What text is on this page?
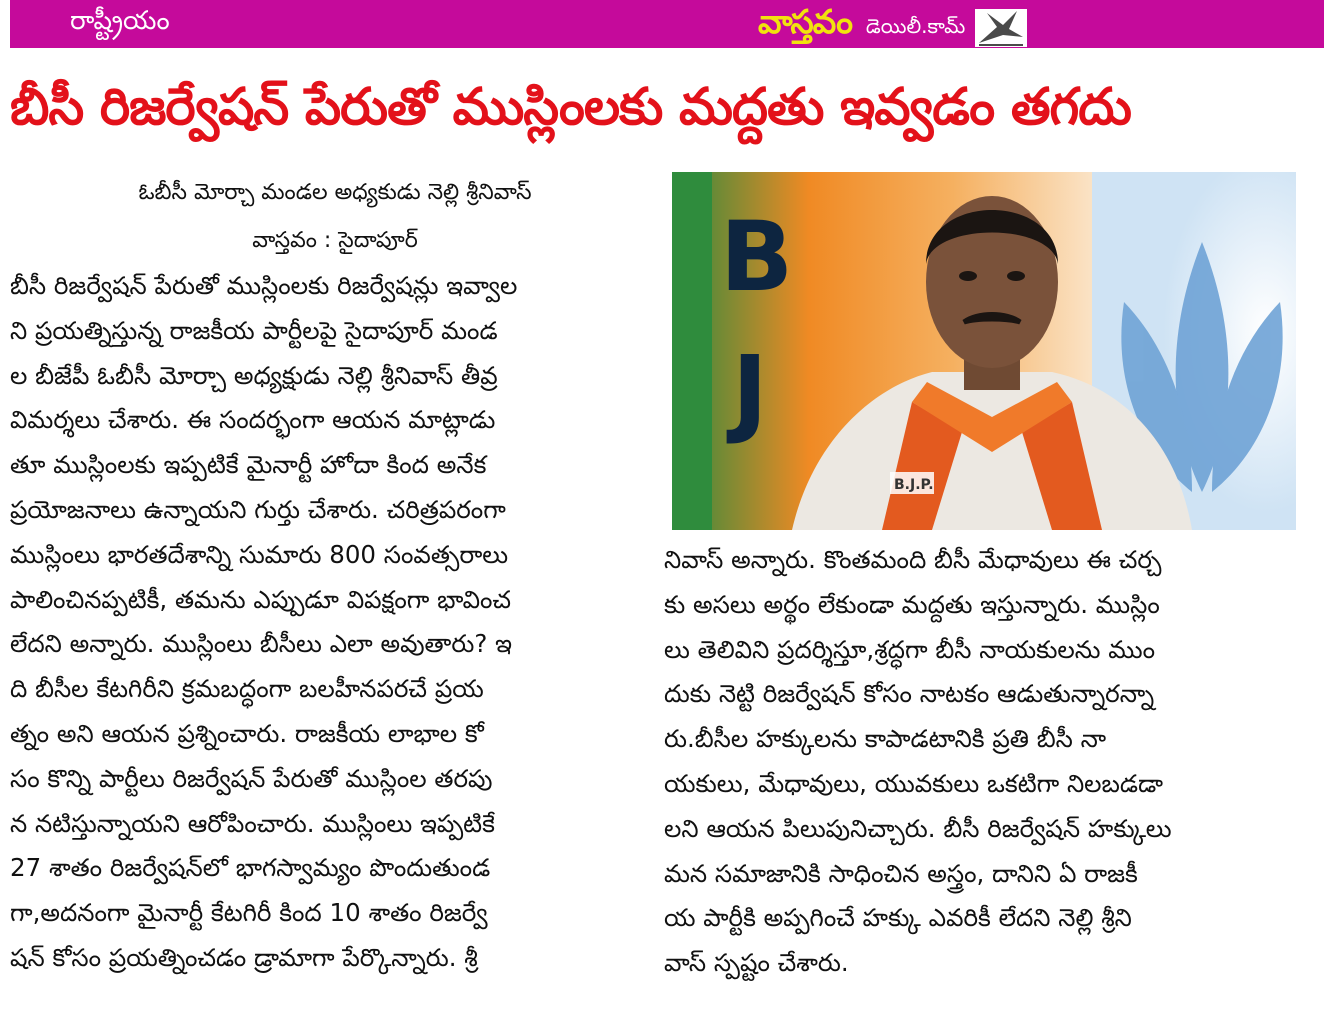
రాష్ట్రీయం	వాస్తవం డెయిలీ.కామ్
బీసీ రిజర్వేషన్ పేరుతో ముస్లింలకు మద్దతు ఇవ్వడం తగదు
ఓబీసీ మోర్చా మండల అధ్యకుడు నెల్లి శ్రీనివాస్
వాస్తవం : సైదాపూర్
బీసీ రిజర్వేషన్ పేరుతో ముస్లింలకు రిజర్వేషన్లు ఇవ్వాల
ని ప్రయత్నిస్తున్న రాజకీయ పార్టీలపై సైదాపూర్ మండ
ల బీజేపీ ఓబీసీ మోర్చా అధ్యక్షుడు నెల్లి శ్రీనివాస్ తీవ్ర
విమర్శలు చేశారు. ఈ సందర్భంగా ఆయన మాట్లాడు
తూ ముస్లింలకు ఇప్పటికే మైనార్టీ హోదా కింద అనేక
ప్రయోజనాలు ఉన్నాయని గుర్తు చేశారు. చరిత్రపరంగా
ముస్లింలు భారతదేశాన్ని సుమారు 800 సంవత్సరాలు
పాలించినప్పటికీ, తమను ఎప్పుడూ విపక్షంగా భావించ
లేదని అన్నారు. ముస్లింలు బీసీలు ఎలా అవుతారు? ఇ
ది బీసీల కేటగిరీని క్రమబద్ధంగా బలహీనపరచే ప్రయ
త్నం అని ఆయన ప్రశ్నించారు. రాజకీయ లాభాల కో
సం కొన్ని పార్టీలు రిజర్వేషన్ పేరుతో ముస్లింల తరపు
న నటిస్తున్నాయని ఆరోపించారు. ముస్లింలు ఇప్పటికే
27 శాతం రిజర్వేషన్‌లో భాగస్వామ్యం పొందుతుండ
గా,అదనంగా మైనార్టీ కేటగిరీ కింద 10 శాతం రిజర్వే
షన్ కోసం ప్రయత్నించడం డ్రామాగా పేర్కొన్నారు. శ్రీ
B
J
B.J.P.
నివాస్ అన్నారు. కొంతమంది బీసీ మేధావులు ఈ చర్చ
కు అసలు అర్థం లేకుండా మద్దతు ఇస్తున్నారు. ముస్లిం
లు తెలివిని ప్రదర్శిస్తూ,శ్రద్ధగా బీసీ నాయకులను ముం
దుకు నెట్టి రిజర్వేషన్ కోసం నాటకం ఆడుతున్నారన్నా
రు.బీసీల హక్కులను కాపాడటానికి ప్రతి బీసీ నా
యకులు, మేధావులు, యువకులు ఒకటిగా నిలబడడా
లని ఆయన పిలుపునిచ్చారు. బీసీ రిజర్వేషన్ హక్కులు
మన సమాజానికి సాధించిన అస్త్రం, దానిని ఏ రాజకీ
య పార్టీకి అప్పగించే హక్కు ఎవరికీ లేదని నెల్లి శ్రీని
వాస్ స్పష్టం చేశారు.
